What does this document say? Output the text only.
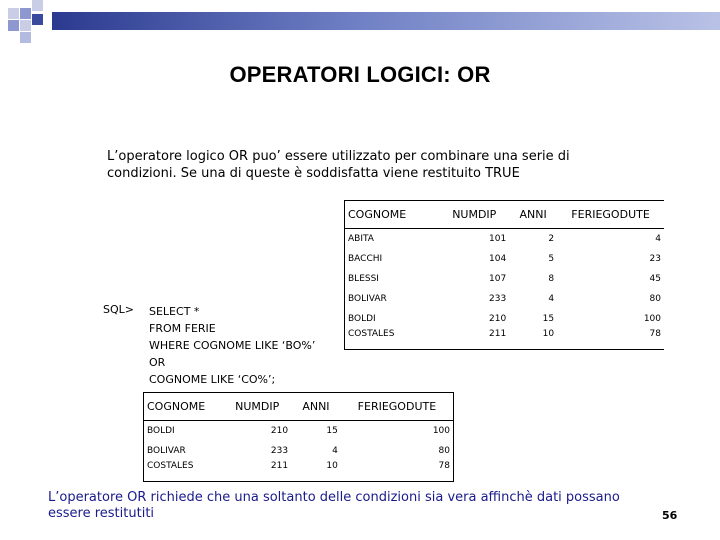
OPERATORI LOGICI: OR
L’operatore logico OR puo’ essere utilizzato per combinare una serie di
condizioni. Se una di queste è soddisfatta viene restituito TRUE
COGNOME	NUMDIP	ANNI	FERIEGODUTE
ABITA	101	2	4
BACCHI	104	5	23
BLESSI	107	8	45
BOLIVAR	233	4	80
BOLDI	210	15	100
COSTALES	211	10	78
SQL> SELECT *
FROM FERIE
WHERE COGNOME LIKE ‘BO%’
OR
COGNOME LIKE ‘CO%’;
COGNOME	NUMDIP	ANNI	FERIEGODUTE
BOLDI	210	15	100
BOLIVAR	233	4	80
COSTALES	211	10	78
L’operatore OR richiede che una soltanto delle condizioni sia vera affinchè dati possano
essere restitutiti	56
